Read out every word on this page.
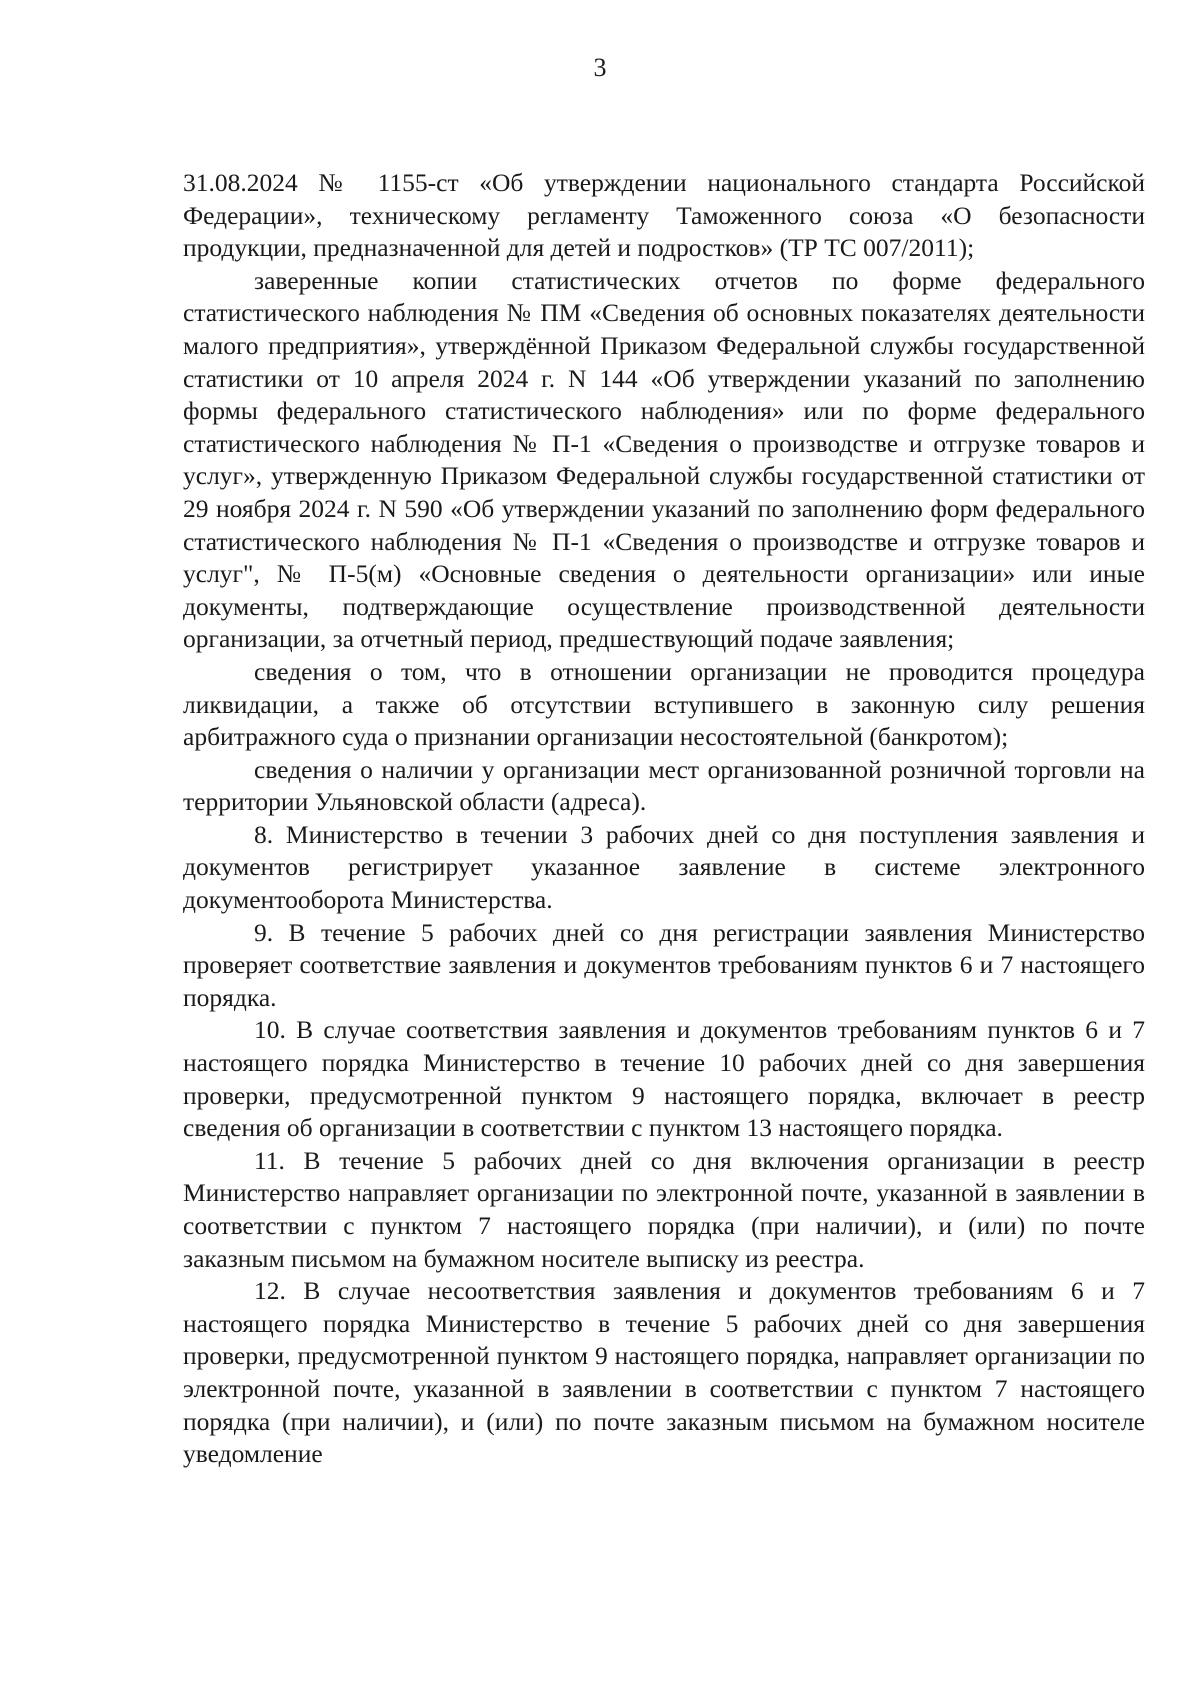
3

31.08.2024 № 1155-ст «Об утверждении национального стандарта Российской Федерации», техническому регламенту Таможенного союза «О безопасности продукции, предназначенной для детей и подростков» (ТР ТС 007/2011);

заверенные копии статистических отчетов по форме федерального статистического наблюдения № ПМ «Сведения об основных показателях деятельности малого предприятия», утверждённой Приказом Федеральной службы государственной статистики от 10 апреля 2024 г. N 144 «Об утверждении указаний по заполнению формы федерального статистического наблюдения» или по форме федерального статистического наблюдения № П-1 «Сведения о производстве и отгрузке товаров и услуг», утвержденную Приказом Федеральной службы государственной статистики от 29 ноября 2024 г. N 590 «Об утверждении указаний по заполнению форм федерального статистического наблюдения № П-1 «Сведения о производстве и отгрузке товаров и услуг", № П-5(м) «Основные сведения о деятельности организации» или иные документы, подтверждающие осуществление производственной деятельности организации, за отчетный период, предшествующий подаче заявления;

сведения о том, что в отношении организации не проводится процедура ликвидации, а также об отсутствии вступившего в законную силу решения арбитражного суда о признании организации несостоятельной (банкротом);

сведения о наличии у организации мест организованной розничной торговли на территории Ульяновской области (адреса).

8. Министерство в течении 3 рабочих дней со дня поступления заявления и документов регистрирует указанное заявление в системе электронного документооборота Министерства.

9. В течение 5 рабочих дней со дня регистрации заявления Министерство проверяет соответствие заявления и документов требованиям пунктов 6 и 7 настоящего порядка.

10. В случае соответствия заявления и документов требованиям пунктов 6 и 7 настоящего порядка Министерство в течение 10 рабочих дней со дня завершения проверки, предусмотренной пунктом 9 настоящего порядка, включает в реестр сведения об организации в соответствии с пунктом 13 настоящего порядка.

11. В течение 5 рабочих дней со дня включения организации в реестр Министерство направляет организации по электронной почте, указанной в заявлении в соответствии с пунктом 7 настоящего порядка (при наличии), и (или) по почте заказным письмом на бумажном носителе выписку из реестра.

12. В случае несоответствия заявления и документов требованиям 6 и 7 настоящего порядка Министерство в течение 5 рабочих дней со дня завершения проверки, предусмотренной пунктом 9 настоящего порядка, направляет организации по электронной почте, указанной в заявлении в соответствии с пунктом 7 настоящего порядка (при наличии), и (или) по почте заказным письмом на бумажном носителе уведомление
